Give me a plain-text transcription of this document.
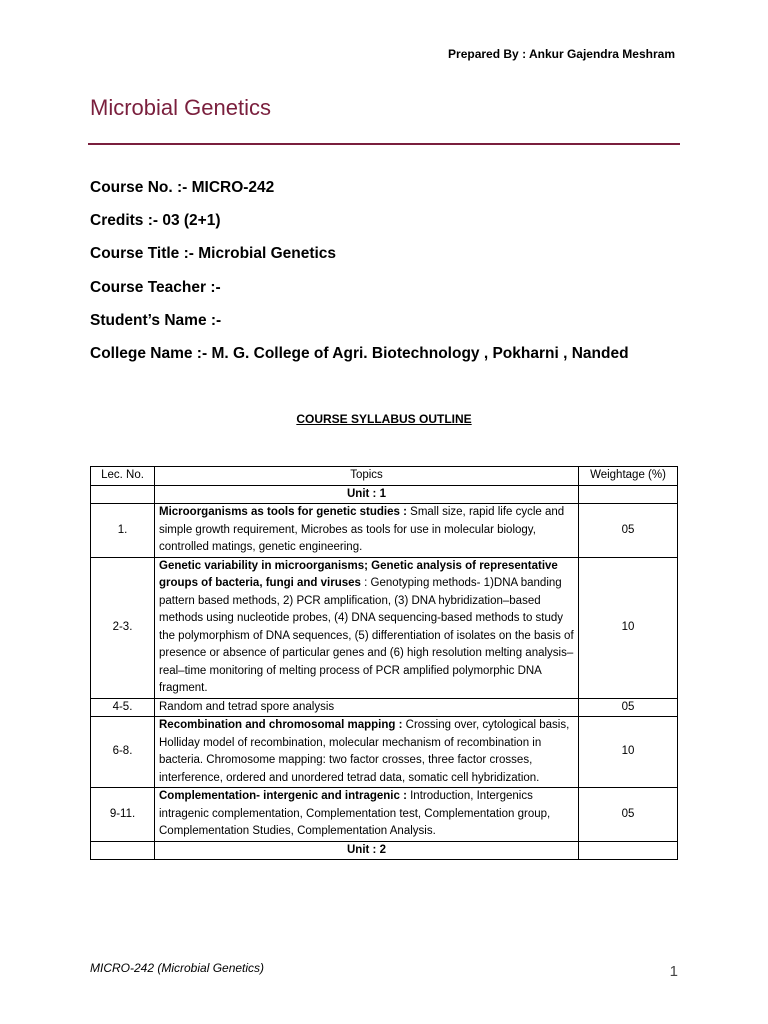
Prepared By : Ankur Gajendra Meshram
Microbial Genetics
Course No. :- MICRO-242
Credits :- 03 (2+1)
Course Title :- Microbial Genetics
Course Teacher :-
Student’s Name :-
College Name :- M. G. College of Agri. Biotechnology , Pokharni , Nanded
COURSE SYLLABUS OUTLINE
Lec. No.	Topics	Weightage (%)
	Unit : 1	
1.	Microorganisms as tools for genetic studies : Small size, rapid life cycle and simple growth requirement, Microbes as tools for use in molecular biology, controlled matings, genetic engineering.	05
2-3.	Genetic variability in microorganisms; Genetic analysis of representative groups of bacteria, fungi and viruses : Genotyping methods- 1)DNA banding pattern based methods, 2) PCR amplification, (3) DNA hybridization–based methods using nucleotide probes, (4) DNA sequencing-based methods to study the polymorphism of DNA sequences, (5) differentiation of isolates on the basis of presence or absence of particular genes and (6) high resolution melting analysis–real–time monitoring of melting process of PCR amplified polymorphic DNA fragment.	10
4-5.	Random and tetrad spore analysis	05
6-8.	Recombination and chromosomal mapping : Crossing over, cytological basis, Holliday model of recombination, molecular mechanism of recombination in bacteria. Chromosome mapping: two factor crosses, three factor crosses, interference, ordered and unordered tetrad data, somatic cell hybridization.	10
9-11.	Complementation- intergenic and intragenic : Introduction, Intergenics intragenic complementation, Complementation test, Complementation group, Complementation Studies, Complementation Analysis.	05
	Unit : 2	
MICRO-242 (Microbial Genetics)	1
